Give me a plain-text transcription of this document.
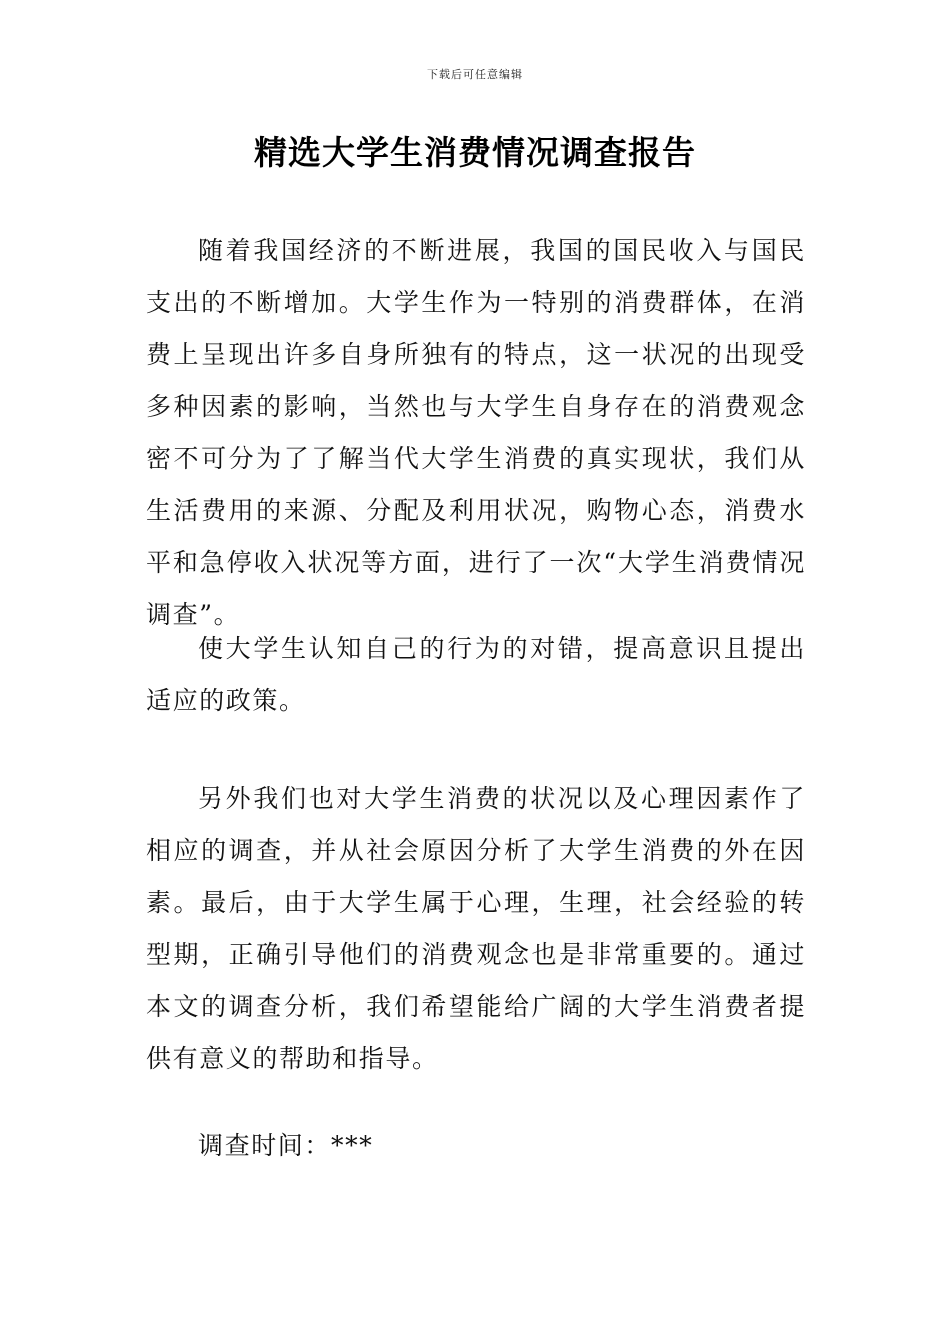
下载后可任意编辑
精选大学生消费情况调查报告

随着我国经济的不断进展，我国的国民收入与国民支出的不断增加。大学生作为一特别的消费群体，在消费上呈现出许多自身所独有的特点，这一状况的出现受多种因素的影响，当然也与大学生自身存在的消费观念密不可分为了了解当代大学生消费的真实现状，我们从生活费用的来源、分配及利用状况，购物心态，消费水平和急停收入状况等方面，进行了一次“大学生消费情况调查”。

使大学生认知自己的行为的对错，提高意识且提出适应的政策。

另外我们也对大学生消费的状况以及心理因素作了相应的调查，并从社会原因分析了大学生消费的外在因素。最后，由于大学生属于心理，生理，社会经验的转型期，正确引导他们的消费观念也是非常重要的。通过本文的调查分析，我们希望能给广阔的大学生消费者提供有意义的帮助和指导。

调查时间：***
